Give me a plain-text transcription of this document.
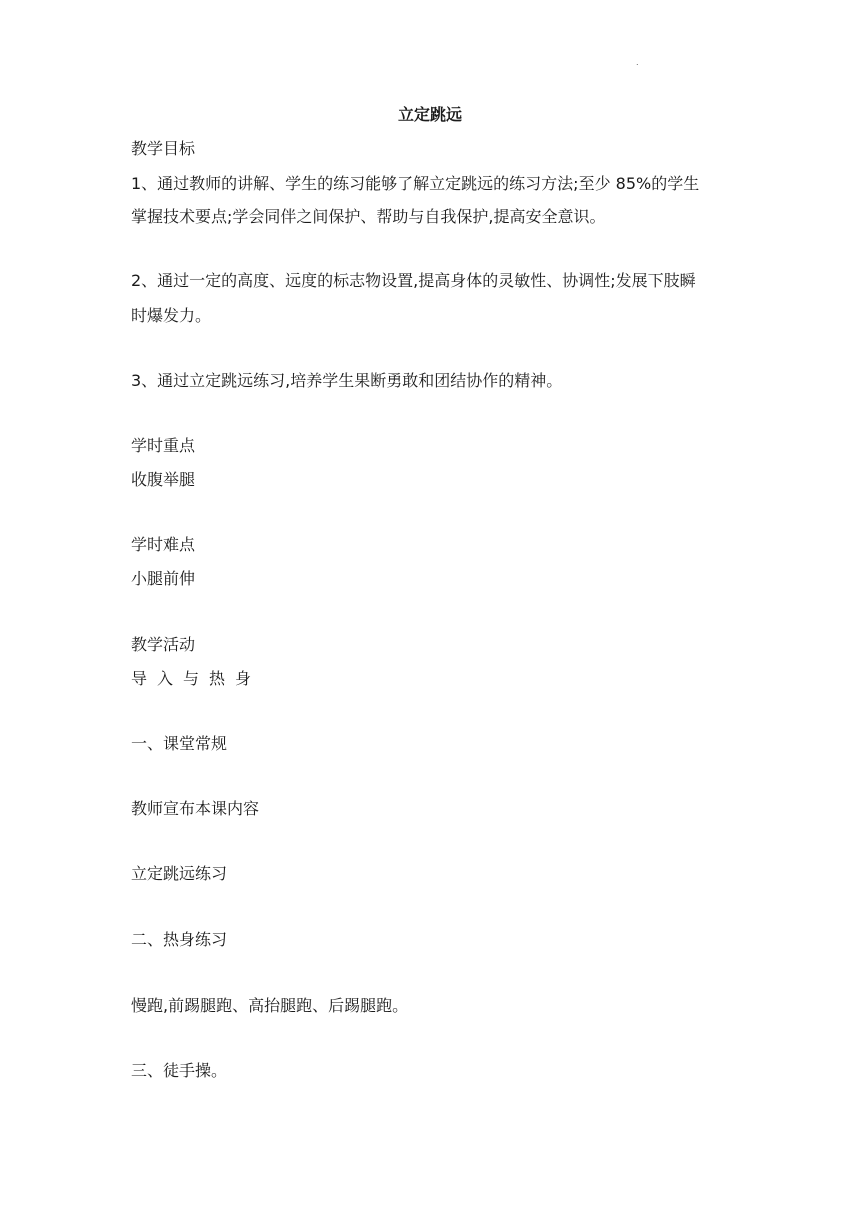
.
立定跳远
教学目标
1、通过教师的讲解、学生的练习能够了解立定跳远的练习方法;至少 85%的学生
掌握技术要点;学会同伴之间保护、帮助与自我保护,提高安全意识。
2、通过一定的高度、远度的标志物设置,提高身体的灵敏性、协调性;发展下肢瞬
时爆发力。
3、通过立定跳远练习,培养学生果断勇敢和团结协作的精神。
学时重点
收腹举腿
学时难点
小腿前伸
教学活动
导入与热身
一、课堂常规
教师宣布本课内容
立定跳远练习
二、热身练习
慢跑,前踢腿跑、高抬腿跑、后踢腿跑。
三、徒手操。
